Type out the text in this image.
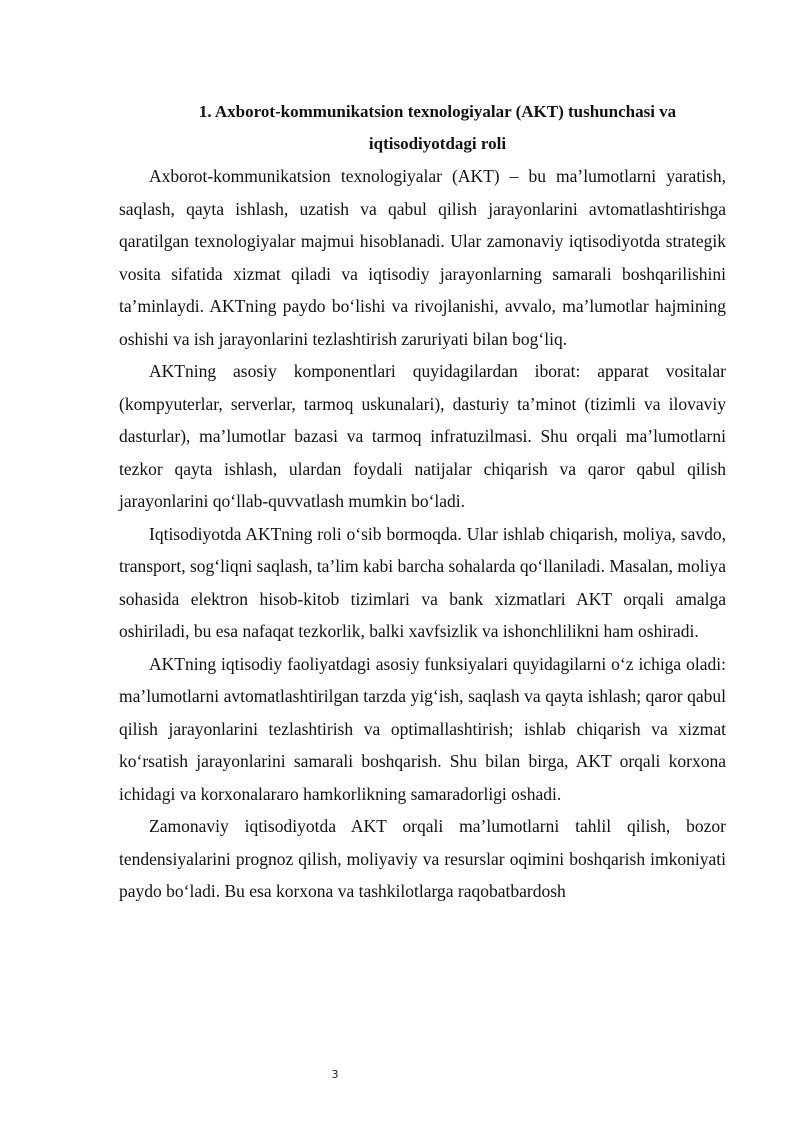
1. Axborot-kommunikatsion texnologiyalar (AKT) tushunchasi va iqtisodiyotdagi roli

Axborot-kommunikatsion texnologiyalar (AKT) – bu ma’lumotlarni yaratish, saqlash, qayta ishlash, uzatish va qabul qilish jarayonlarini avtomatlashtirishga qaratilgan texnologiyalar majmui hisoblanadi. Ular zamonaviy iqtisodiyotda strategik vosita sifatida xizmat qiladi va iqtisodiy jarayonlarning samarali boshqarilishini ta’minlaydi. AKTning paydo bo‘lishi va rivojlanishi, avvalo, ma’lumotlar hajmining oshishi va ish jarayonlarini tezlashtirish zaruriyati bilan bog‘liq.

AKTning asosiy komponentlari quyidagilardan iborat: apparat vositalar (kompyuterlar, serverlar, tarmoq uskunalari), dasturiy ta’minot (tizimli va ilovaviy dasturlar), ma’lumotlar bazasi va tarmoq infratuzilmasi. Shu orqali ma’lumotlarni tezkor qayta ishlash, ulardan foydali natijalar chiqarish va qaror qabul qilish jarayonlarini qo‘llab-quvvatlash mumkin bo‘ladi.

Iqtisodiyotda AKTning roli o‘sib bormoqda. Ular ishlab chiqarish, moliya, savdo, transport, sog‘liqni saqlash, ta’lim kabi barcha sohalarda qo‘llaniladi. Masalan, moliya sohasida elektron hisob-kitob tizimlari va bank xizmatlari AKT orqali amalga oshiriladi, bu esa nafaqat tezkorlik, balki xavfsizlik va ishonchlilikni ham oshiradi.

AKTning iqtisodiy faoliyatdagi asosiy funksiyalari quyidagilarni o‘z ichiga oladi: ma’lumotlarni avtomatlashtirilgan tarzda yig‘ish, saqlash va qayta ishlash; qaror qabul qilish jarayonlarini tezlashtirish va optimallashtirish; ishlab chiqarish va xizmat ko‘rsatish jarayonlarini samarali boshqarish. Shu bilan birga, AKT orqali korxona ichidagi va korxonalararo hamkorlikning samaradorligi oshadi.

Zamonaviy iqtisodiyotda AKT orqali ma’lumotlarni tahlil qilish, bozor tendensiyalarini prognoz qilish, moliyaviy va resurslar oqimini boshqarish imkoniyati paydo bo‘ladi. Bu esa korxona va tashkilotlarga raqobatbardosh

3
